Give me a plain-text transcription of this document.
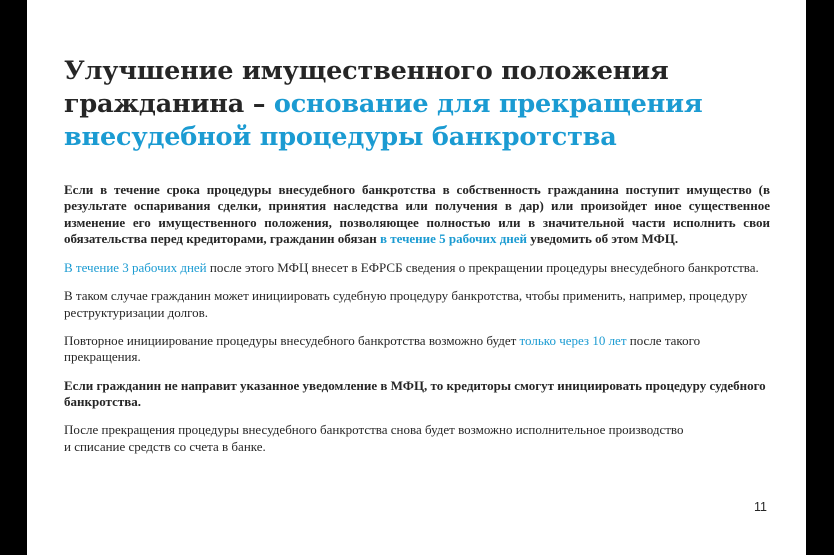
Улучшение имущественного положения
гражданина – основание для прекращения
внесудебной процедуры банкротства

Если в течение срока процедуры внесудебного банкротства в собственность гражданина поступит имущество (в результате оспаривания сделки, принятия наследства или получения в дар) или произойдет иное существенное изменение его имущественного положения, позволяющее полностью или в значительной части исполнить свои обязательства перед кредиторами, гражданин обязан в течение 5 рабочих дней уведомить об этом МФЦ.

В течение 3 рабочих дней после этого МФЦ внесет в ЕФРСБ сведения о прекращении процедуры внесудебного банкротства.

В таком случае гражданин может инициировать судебную процедуру банкротства, чтобы применить, например, процедуру реструктуризации долгов.

Повторное инициирование процедуры внесудебного банкротства возможно будет только через 10 лет после такого прекращения.

Если гражданин не направит указанное уведомление в МФЦ, то кредиторы смогут инициировать процедуру судебного банкротства.

После прекращения процедуры внесудебного банкротства снова будет возможно исполнительное производство
и списание средств со счета в банке.

11
